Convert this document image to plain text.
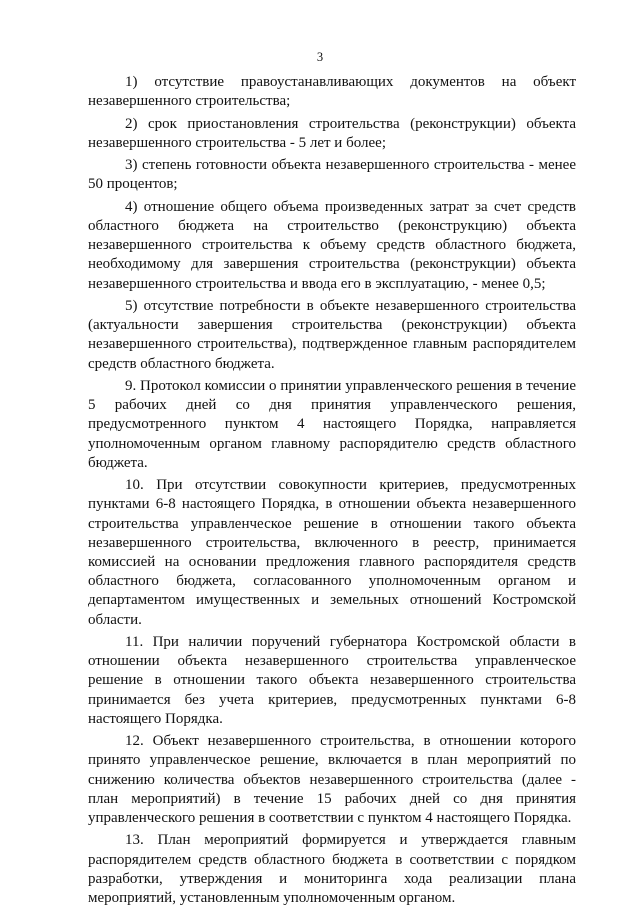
3

1) отсутствие правоустанавливающих документов на объект незавершенного строительства;

2) срок приостановления строительства (реконструкции) объекта незавершенного строительства - 5 лет и более;

3) степень готовности объекта незавершенного строительства - менее 50 процентов;

4) отношение общего объема произведенных затрат за счет средств областного бюджета на строительство (реконструкцию) объекта незавершенного строительства к объему средств областного бюджета, необходимому для завершения строительства (реконструкции) объекта незавершенного строительства и ввода его в эксплуатацию, - менее 0,5;

5) отсутствие потребности в объекте незавершенного строительства (актуальности завершения строительства (реконструкции) объекта незавершенного строительства), подтвержденное главным распорядителем средств областного бюджета.

9. Протокол комиссии о принятии управленческого решения в течение 5 рабочих дней со дня принятия управленческого решения, предусмотренного пунктом 4 настоящего Порядка, направляется уполномоченным органом главному распорядителю средств областного бюджета.

10. При отсутствии совокупности критериев, предусмотренных пунктами 6-8 настоящего Порядка, в отношении объекта незавершенного строительства управленческое решение в отношении такого объекта незавершенного строительства, включенного в реестр, принимается комиссией на основании предложения главного распорядителя средств областного бюджета, согласованного уполномоченным органом и департаментом имущественных и земельных отношений Костромской области.

11. При наличии поручений губернатора Костромской области в отношении объекта незавершенного строительства управленческое решение в отношении такого объекта незавершенного строительства принимается без учета критериев, предусмотренных пунктами 6-8 настоящего Порядка.

12. Объект незавершенного строительства, в отношении которого принято управленческое решение, включается в план мероприятий по снижению количества объектов незавершенного строительства (далее - план мероприятий) в течение 15 рабочих дней со дня принятия управленческого решения в соответствии с пунктом 4 настоящего Порядка.

13. План мероприятий формируется и утверждается главным распорядителем средств областного бюджета в соответствии с порядком разработки, утверждения и мониторинга хода реализации плана мероприятий, установленным уполномоченным органом.
